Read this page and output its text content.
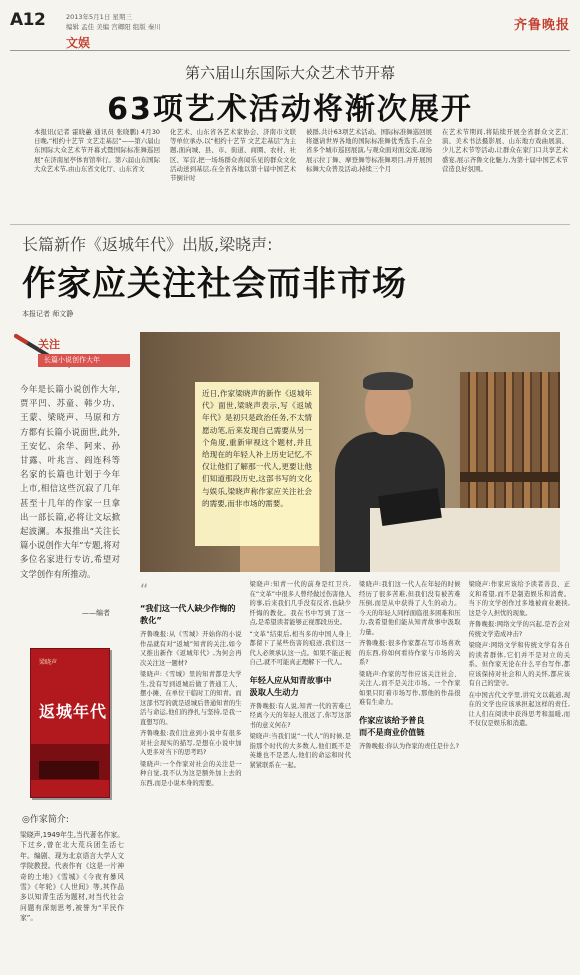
A12	2013年5月1日 星期三
编辑 孟佳 美编 宫卿阳 组版 秦川
文娱
齐鲁晚报
第六届山东国际大众艺术节开幕
63项艺术活动将渐次展开

本报讯(记者 霍晓蕙 通讯员 张晓鹏) 4月30日晚,“相约十艺节 文艺走基层”——第六届山东国际大众艺术节开幕式暨国际标准舞巡回展“在济南星亭体育馆举行。第六届山东国际大众艺术节,由山东省文化厅、山东省文

化艺术、山东省各艺术家协会、济南市文联等单位承办,以“相约十艺节 文艺走基层”为主题,面向城、县、市、街道、商圈、农村、社区、军营,把一场场群众喜闻乐见的群众文化活动送到基层,在全省各地以第十届中国艺术节倒计时

被群,共计63项艺术活动。国际标准舞巡回展将邀请世界各地的国际标准舞优秀选手,在全省多个城市巡回展演,与观众面对面交流,现场展示拉丁舞、摩登舞等标准舞项目,并开展国标舞大众普及活动,持续三个月

在艺术节期间,将陆续开展全省群众文艺汇演、美术书法摄影展、山东地方戏曲展演、少儿艺术节等活动,让群众在家门口共享艺术盛宴,展示齐鲁文化魅力,为第十届中国艺术节营造良好氛围。

长篇新作《返城年代》出版,梁晓声:
作家应关注社会而非市场
本报记者 师文静
关注
长篇小说创作大年
今年是长篇小说创作大年,贾平凹、苏童、韩少功、王蒙、梁晓声、马原和方方都有长篇小说面世,此外,王安忆、余华、阿来、孙甘露、叶兆言、阎连科等名家的长篇也计划于今年上市,相信这些沉寂了几年甚至十几年的作家一旦拿出一部长篇,必将让文坛掀起波澜。本报推出“关注长篇小说创作大年”专题,将对多位名家进行专访,希望对文学创作有所推动。
——编者
梁晓声
返城年代
◎作家简介:
梁晓声,1949年生,当代著名作家。下过乡,曾在北大荒兵团生活七年。编剧、现为北京语言大学人文学院教授。代表作有《这是一片神奇的土地》《雪城》《今夜有暴风雪》《年轮》《人世间》等,其作品多以知青生活为题材,对当代社会问题有深刻思考,被誉为“平民作家”。

近日,作家梁晓声的新作《返城年代》面世,梁晓声表示,写《返城年代》是初只是政治任务,不太情愿动笔,后来发现自己需要从另一个角度,重新审视这个题材,并且给现在的年轻人补上历史记忆,不仅让他们了解那一代人,更要让他们知道那段历史,这部书写的文化与娱乐,梁晓声称作家应关注社会的需要,而非市场的需要。

“
“我们这一代人缺少作悔的教化”

齐鲁晚报:从《雪城》开始你的小说作品就有对“返城”知青的关注,如今又推出新作《返城年代》,为何会再次关注这一题材?

梁晓声:《雪城》里的知青都是大学生,没有写到返城后做了普通工人、摆小摊、在单位干临时工的知青。而这部书写的就是返城后普通知青的生活与命运,他们的挣扎与坚持,是我一直想写的。

齐鲁晚报:我们注意到小说中有很多对社会现实的描写,是想在小说中加入更多对当下的思考吗?

梁晓声:一个作家对社会的关注是一种自觉,我不认为这是额外加上去的东西,而是小说本身的需要。

梁晓声:知青一代的前身是红卫兵,在“文革”中很多人曾经做过伤害他人的事,后来我们几乎没有反省,也缺少忏悔的教化。我在书中写到了这一点,是希望读者能够正视那段历史。

“文革”结束后,相当多的中国人身上都留下了某些伤害的痕迹,我们这一代人必须承认这一点。如果不能正视自己,就不可能真正理解下一代人。

年轻人应从知青故事中
汲取人生动力

齐鲁晚报:有人说,知青一代的苦难已经离今天的年轻人很远了,你写这部书的意义何在?

梁晓声:当我们说“一代人”的时候,是指那个时代的大多数人,他们既不是英雄也不是恶人,他们的命运和时代紧紧联系在一起。

梁晓声:我们这一代人在年轻的时候经历了很多苦难,但我们没有被苦难压倒,而是从中获得了人生的动力。今天的年轻人同样面临很多困难和压力,我希望他们能从知青故事中汲取力量。

齐鲁晚报:很多作家都在写市场喜欢的东西,你如何看待作家与市场的关系?

梁晓声:作家的写作应该关注社会、关注人,而不是关注市场。一个作家如果只盯着市场写作,那他的作品很难有生命力。

作家应该给予普良
而不是商业价值链

齐鲁晚报:你认为作家的责任是什么?

梁晓声:作家应该给予读者善良、正义和希望,而不是制造娱乐和消费。当下的文学创作过多地被商业裹挟,这是令人担忧的现象。

齐鲁晚报:网络文学的兴起,是否会对传统文学造成冲击?

梁晓声:网络文学和传统文学有各自的读者群体,它们并不是对立的关系。但作家无论在什么平台写作,都应该保持对社会和人的关怀,都应该有自己的坚守。

在中国古代文学里,讲究文以载道,现在的文学也应该承担起这样的责任,让人们在阅读中获得思考和温暖,而不仅仅是娱乐和消遣。
